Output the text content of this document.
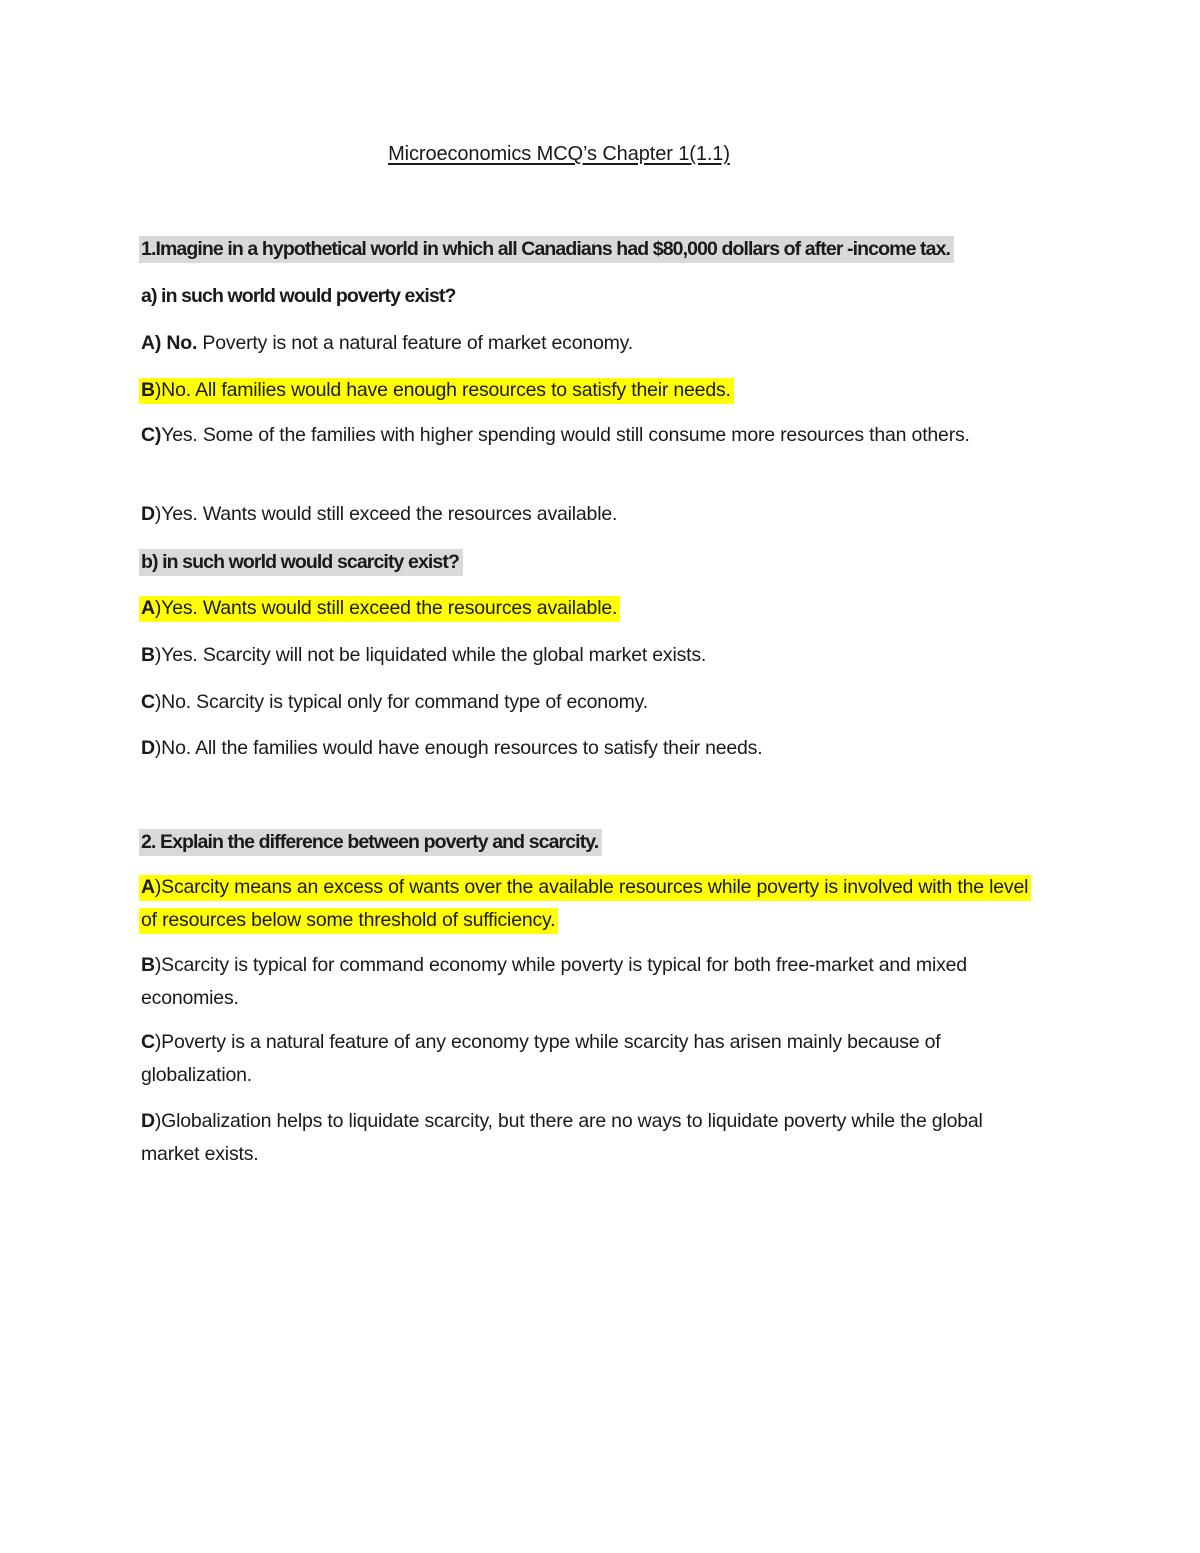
Microeconomics MCQ’s Chapter 1(1.1)
1.Imagine in a hypothetical world in which all Canadians had $80,000 dollars of after -income tax.
a) in such world would poverty exist?
A) No. Poverty is not a natural feature of market economy.
B)No. All families would have enough resources to satisfy their needs.
C)Yes. Some of the families with higher spending would still consume more resources than others.
D)Yes. Wants would still exceed the resources available.
b) in such world would scarcity exist?
A)Yes. Wants would still exceed the resources available.
B)Yes. Scarcity will not be liquidated while the global market exists.
C)No. Scarcity is typical only for command type of economy.
D)No. All the families would have enough resources to satisfy their needs.
2. Explain the difference between poverty and scarcity.
A)Scarcity means an excess of wants over the available resources while poverty is involved with the level of resources below some threshold of sufficiency.
B)Scarcity is typical for command economy while poverty is typical for both free-market and mixed economies.
C)Poverty is a natural feature of any economy type while scarcity has arisen mainly because of globalization.
D)Globalization helps to liquidate scarcity, but there are no ways to liquidate poverty while the global market exists.
